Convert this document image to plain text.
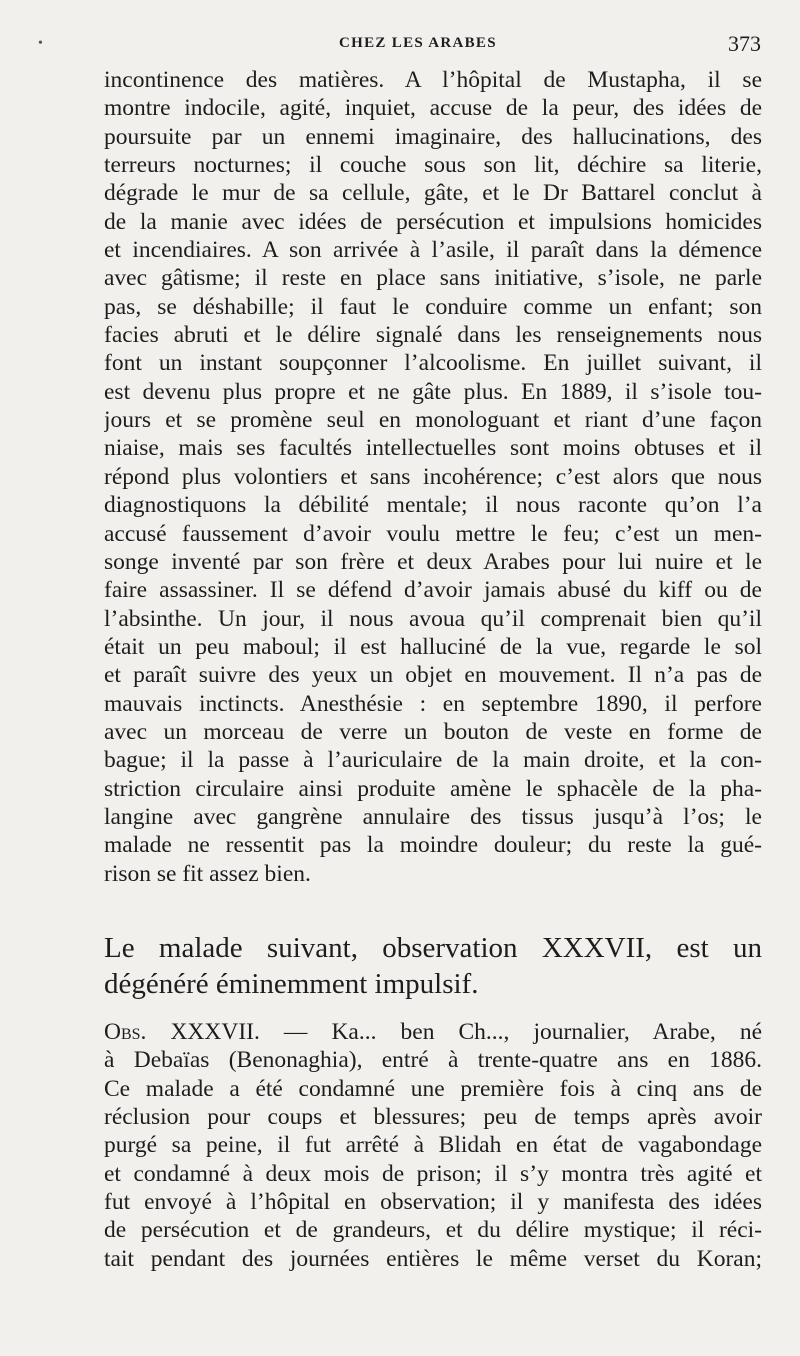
•	CHEZ LES ARABES	373
incontinence des matières. A l’hôpital de Mustapha, il se
montre indocile, agité, inquiet, accuse de la peur, des idées de
poursuite par un ennemi imaginaire, des hallucinations, des
terreurs nocturnes; il couche sous son lit, déchire sa literie,
dégrade le mur de sa cellule, gâte, et le Dr Battarel conclut à
de la manie avec idées de persécution et impulsions homicides
et incendiaires. A son arrivée à l’asile, il paraît dans la démence
avec gâtisme; il reste en place sans initiative, s’isole, ne parle
pas, se déshabille; il faut le conduire comme un enfant; son
facies abruti et le délire signalé dans les renseignements nous
font un instant soupçonner l’alcoolisme. En juillet suivant, il
est devenu plus propre et ne gâte plus. En 1889, il s’isole tou-
jours et se promène seul en monologuant et riant d’une façon
niaise, mais ses facultés intellectuelles sont moins obtuses et il
répond plus volontiers et sans incohérence; c’est alors que nous
diagnostiquons la débilité mentale; il nous raconte qu’on l’a
accusé faussement d’avoir voulu mettre le feu; c’est un men-
songe inventé par son frère et deux Arabes pour lui nuire et le
faire assassiner. Il se défend d’avoir jamais abusé du kiff ou de
l’absinthe. Un jour, il nous avoua qu’il comprenait bien qu’il
était un peu maboul; il est halluciné de la vue, regarde le sol
et paraît suivre des yeux un objet en mouvement. Il n’a pas de
mauvais inctincts. Anesthésie : en septembre 1890, il perfore
avec un morceau de verre un bouton de veste en forme de
bague; il la passe à l’auriculaire de la main droite, et la con-
striction circulaire ainsi produite amène le sphacèle de la pha-
langine avec gangrène annulaire des tissus jusqu’à l’os; le
malade ne ressentit pas la moindre douleur; du reste la gué-
rison se fit assez bien.
Le malade suivant, observation XXXVII, est un
dégénéré éminemment impulsif.
Obs. XXXVII. — Ka... ben Ch..., journalier, Arabe, né
à Debaïas (Benonaghia), entré à trente-quatre ans en 1886.
Ce malade a été condamné une première fois à cinq ans de
réclusion pour coups et blessures; peu de temps après avoir
purgé sa peine, il fut arrêté à Blidah en état de vagabondage
et condamné à deux mois de prison; il s’y montra très agité et
fut envoyé à l’hôpital en observation; il y manifesta des idées
de persécution et de grandeurs, et du délire mystique; il réci-
tait pendant des journées entières le même verset du Koran;
